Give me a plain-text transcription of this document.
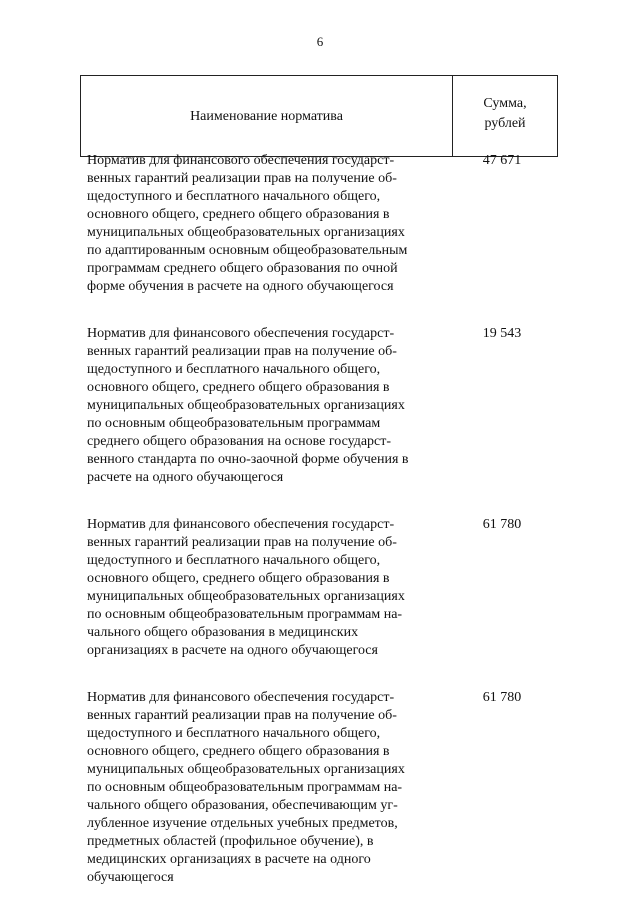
6
Наименование норматива
Сумма,
рублей
Норматив для финансового обеспечения государст-
венных гарантий реализации прав на получение об-
щедоступного и бесплатного начального общего,
основного общего, среднего общего образования в
муниципальных общеобразовательных организациях
по адаптированным основным общеобразовательным
программам среднего общего образования по очной
форме обучения в расчете на одного обучающегося
47 671
Норматив для финансового обеспечения государст-
венных гарантий реализации прав на получение об-
щедоступного и бесплатного начального общего,
основного общего, среднего общего образования в
муниципальных общеобразовательных организациях
по основным общеобразовательным программам
среднего общего образования на основе государст-
венного стандарта по очно-заочной форме обучения в
расчете на одного обучающегося
19 543
Норматив для финансового обеспечения государст-
венных гарантий реализации прав на получение об-
щедоступного и бесплатного начального общего,
основного общего, среднего общего образования в
муниципальных общеобразовательных организациях
по основным общеобразовательным программам на-
чального общего образования в медицинских
организациях в расчете на одного обучающегося
61 780
Норматив для финансового обеспечения государст-
венных гарантий реализации прав на получение об-
щедоступного и бесплатного начального общего,
основного общего, среднего общего образования в
муниципальных общеобразовательных организациях
по основным общеобразовательным программам на-
чального общего образования, обеспечивающим уг-
лубленное изучение отдельных учебных предметов,
предметных областей (профильное обучение), в
медицинских организациях в расчете на одного
обучающегося
61 780
